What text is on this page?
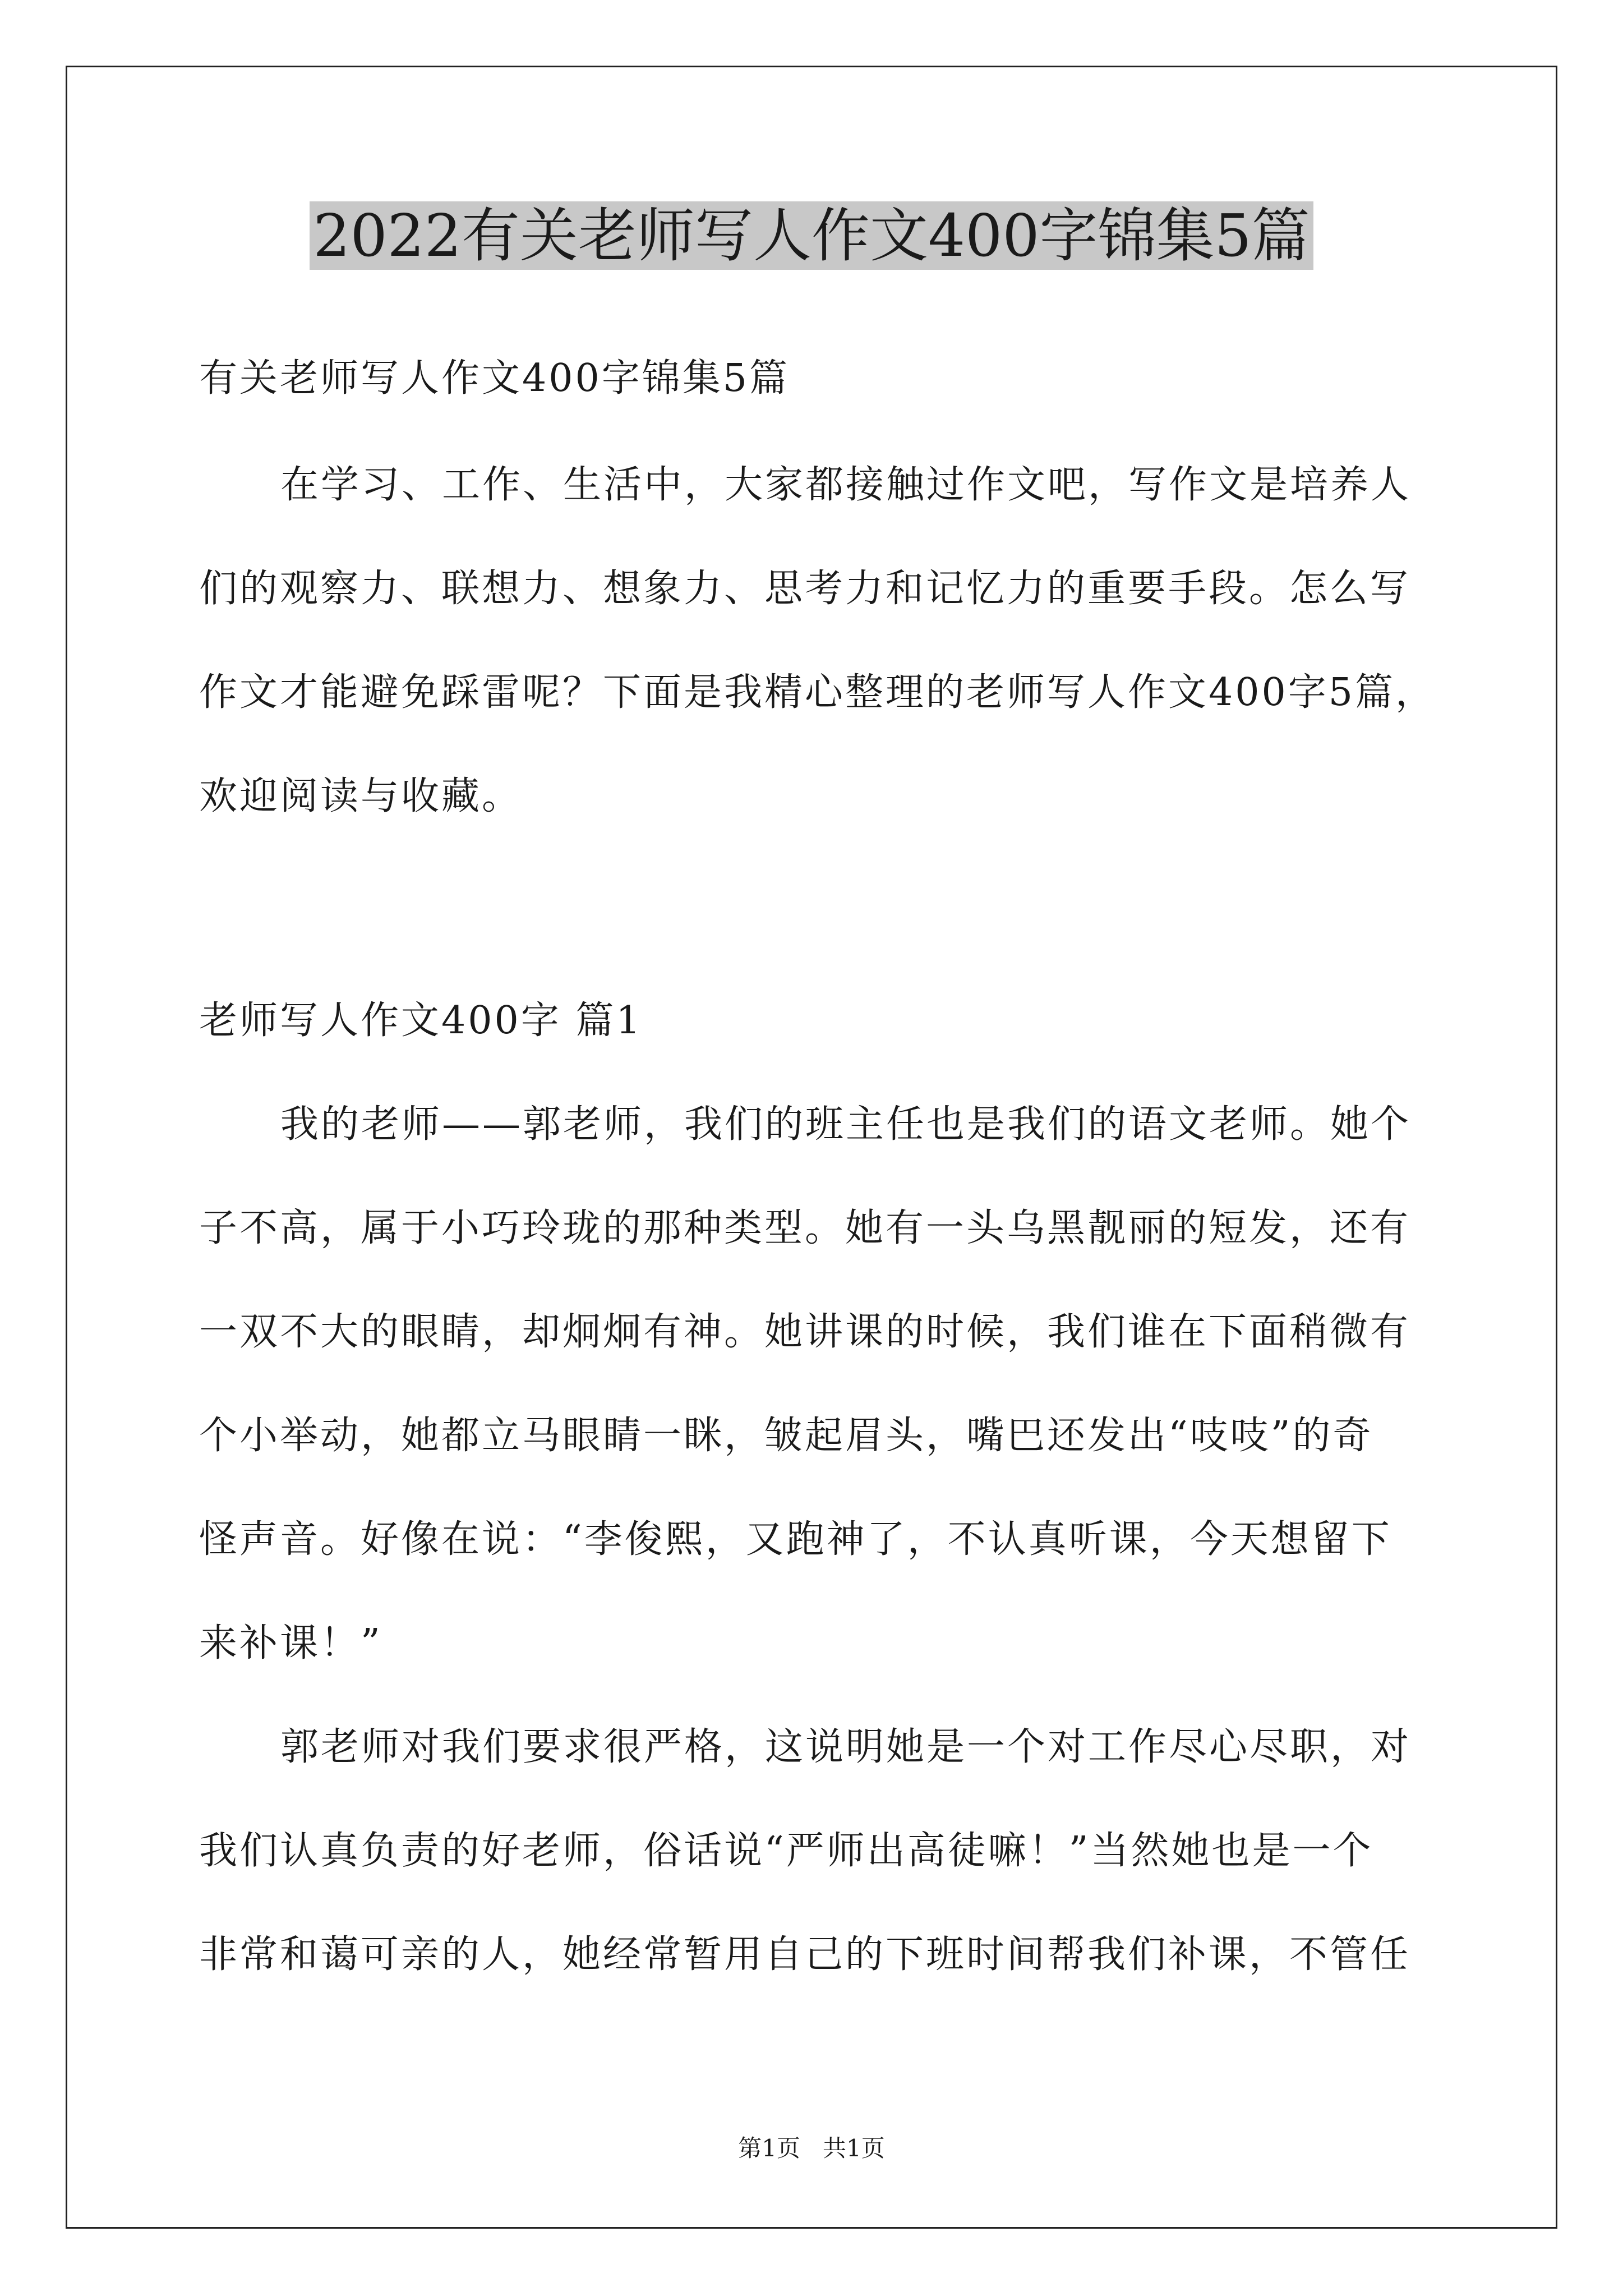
2022有关老师写人作文400字锦集5篇
有关老师写人作文400字锦集5篇
在学习、工作、生活中，大家都接触过作文吧，写作文是培养人
们的观察力、联想力、想象力、思考力和记忆力的重要手段。怎么写
作文才能避免踩雷呢？下面是我精心整理的老师写人作文400字5篇，
欢迎阅读与收藏。
老师写人作文400字 篇1
我的老师——郭老师，我们的班主任也是我们的语文老师。她个
子不高，属于小巧玲珑的那种类型。她有一头乌黑靓丽的短发，还有
一双不大的眼睛，却炯炯有神。她讲课的时候，我们谁在下面稍微有
个小举动，她都立马眼睛一眯，皱起眉头，嘴巴还发出“吱吱”的奇
怪声音。好像在说：“李俊熙，又跑神了，不认真听课，今天想留下
来补课！”
郭老师对我们要求很严格，这说明她是一个对工作尽心尽职，对
我们认真负责的好老师，俗话说“严师出高徒嘛！”当然她也是一个
非常和蔼可亲的人，她经常暂用自己的下班时间帮我们补课，不管任
第1页   共1页
